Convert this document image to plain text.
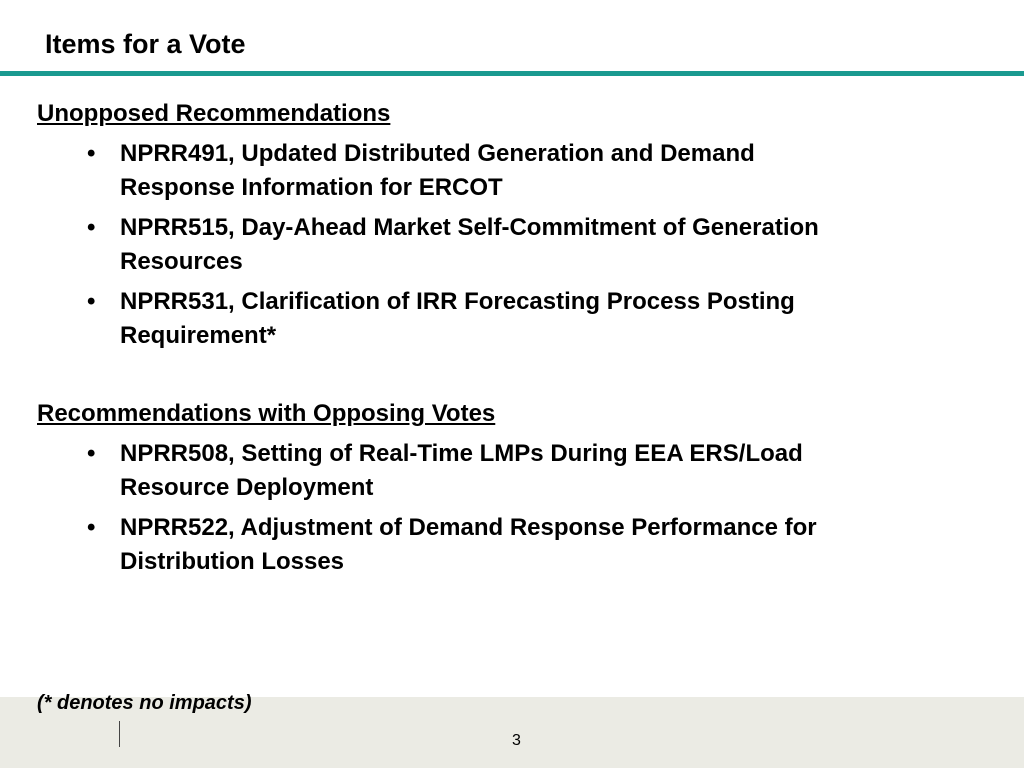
Items for a Vote
Unopposed Recommendations
• NPRR491, Updated Distributed Generation and Demand Response Information for ERCOT
• NPRR515, Day-Ahead Market Self-Commitment of Generation Resources
• NPRR531, Clarification of IRR Forecasting Process Posting Requirement*
Recommendations with Opposing Votes
• NPRR508, Setting of Real-Time LMPs During EEA ERS/Load Resource Deployment
• NPRR522, Adjustment of Demand Response Performance for Distribution Losses
(* denotes no impacts)
3
